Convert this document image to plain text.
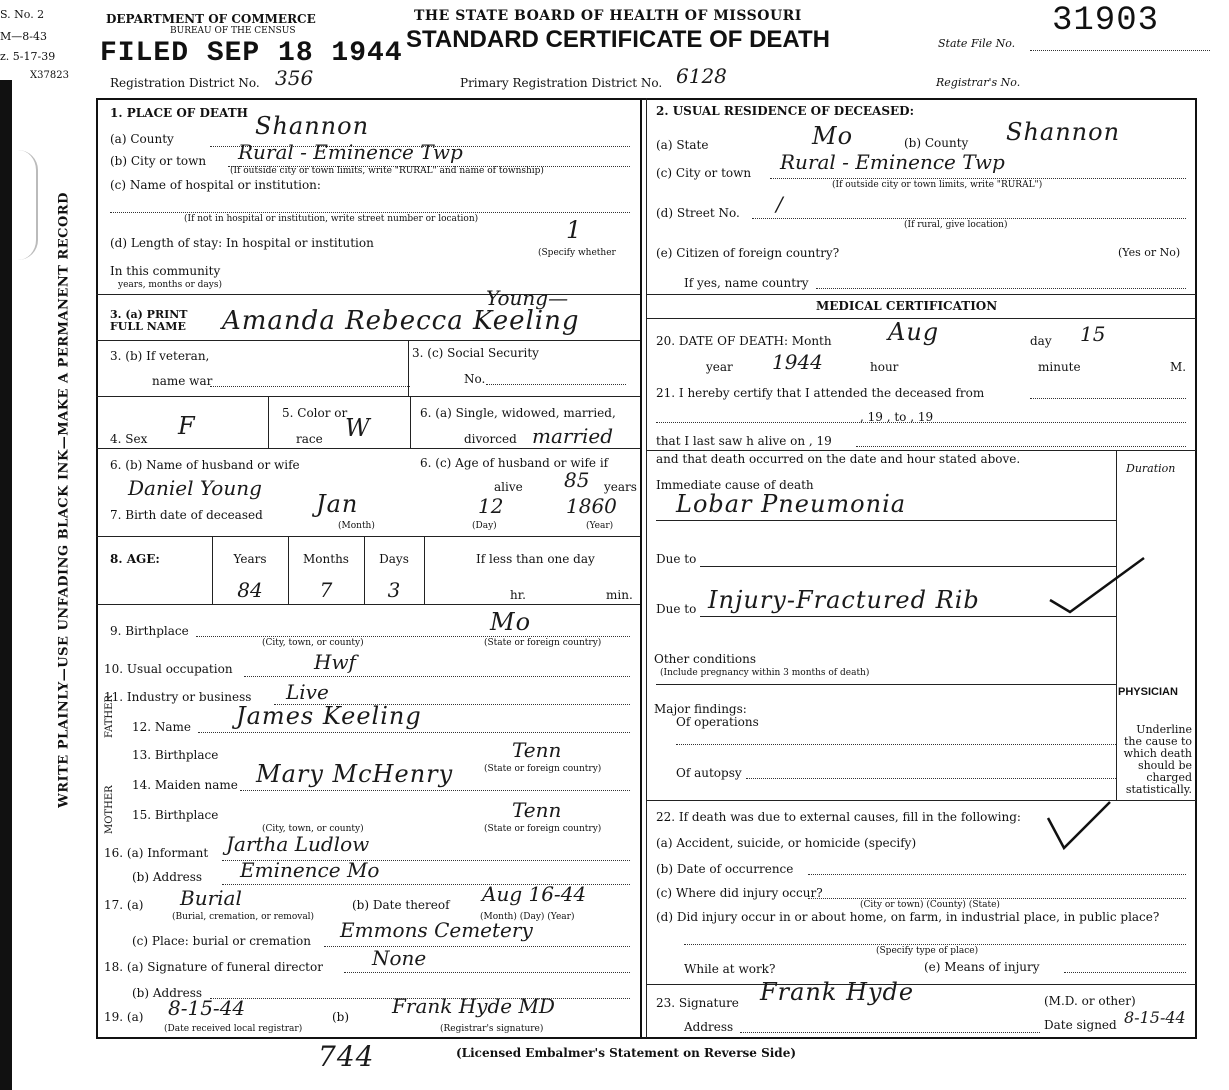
S. No. 2
M—8-43
z. 5-17-39
X37823
WRITE PLAINLY—USE UNFADING BLACK INK—MAKE A PERMANENT RECORD
DEPARTMENT OF COMMERCE
BUREAU OF THE CENSUS
FILED SEP 18 1944
THE STATE BOARD OF HEALTH OF MISSOURI
STANDARD CERTIFICATE OF DEATH	31903
State File No.
Registration District No. 356	Primary Registration District No. 6128	Registrar's No.
1. PLACE OF DEATH
(a) County	Shannon
(b) City or town Rural - Eminence Twp
(If outside city or town limits, write "RURAL" and name of township)
(c) Name of hospital or institution:
(If not in hospital or institution, write street number or location)
(d) Length of stay: In hospital or institution	1
(Specify whether
In this community
years, months or days)
3. (a) PRINT
FULL NAME
Young—
Amanda Rebecca Keeling
3. (b) If veteran,
name war
3. (c) Social Security
No.
4. Sex F	5. Color or
race W
6. (a) Single, widowed, married,
divorced married
6. (b) Name of husband or wife
Daniel Young
6. (c) Age of husband or wife if
alive 85 years
7. Birth date of deceased Jan	12	1860
(Month)	(Day)	(Year)
8. AGE:	Years	Months	Days	If less than one day
84	7	3	hr.	min.
9. Birthplace	Mo
(City, town, or county)	(State or foreign country)
10. Usual occupation	Hwf
11. Industry or business Live
FATHER
MOTHER
12. Name James Keeling
13. Birthplace	Tenn
(State or foreign country)
14. Maiden name Mary McHenry
15. Birthplace	Tenn
(City, town, or county)	(State or foreign country)
16. (a) Informant Jartha Ludlow
(b) Address Eminence Mo
17. (a) Burial
(Burial, cremation, or removal)
(b) Date thereof Aug 16-44
(Month) (Day) (Year)
(c) Place: burial or cremation Emmons Cemetery
18. (a) Signature of funeral director None
(b) Address
19. (a) 8-15-44
(Date received local registrar)
(b) Frank Hyde MD
(Registrar's signature)
744	(Licensed Embalmer's Statement on Reverse Side)
2. USUAL RESIDENCE OF DECEASED:
(a) State	Mo	(b) County Shannon
(c) City or town Rural - Eminence Twp
(If outside city or town limits, write "RURAL")
(d) Street No. /
(If rural, give location)
(e) Citizen of foreign country?	(Yes or No)
If yes, name country
MEDICAL CERTIFICATION
20. DATE OF DEATH: Month Aug	day 15
year 1944	hour	minute	M.
21. I hereby certify that I attended the deceased from
, 19 , to , 19
that I last saw h alive on , 19
and that death occurred on the date and hour stated above.
Duration
Immediate cause of death
Lobar Pneumonia
Due to
Due to Injury-Fractured Rib
Other conditions
(Include pregnancy within 3 months of death)
Major findings:
Of operations
Of autopsy
PHYSICIAN
Underline the cause to which death should be charged statistically.
22. If death was due to external causes, fill in the following:
(a) Accident, suicide, or homicide (specify)
(b) Date of occurrence
(c) Where did injury occur?
(City or town) (County) (State)
(d) Did injury occur in or about home, on farm, in industrial place, in public place?
(Specify type of place)
While at work?	(e) Means of injury
23. Signature Frank Hyde	(M.D. or other)
Address	Date signed 8-15-44
